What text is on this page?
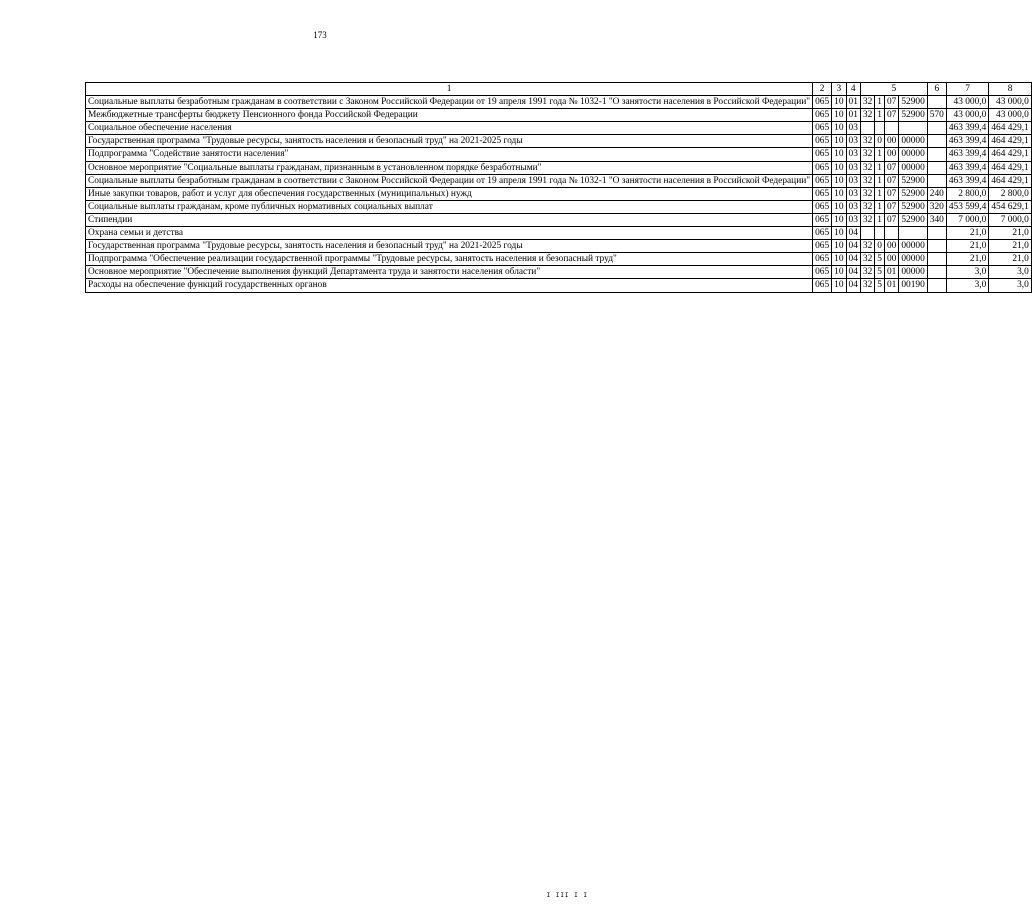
173
1	2	3	4	5				6	7	8
Социальные выплаты безработным гражданам в соответствии с Законом Российской Федерации от 19 апреля 1991 года № 1032-1 "О занятости населения в Российской Федерации"	065	10	01	32	1	07	52900		43 000,0	43 000,0
Межбюджетные трансферты бюджету Пенсионного фонда Российской Федерации	065	10	01	32	1	07	52900	570	43 000,0	43 000,0
Социальное обеспечение населения	065	10	03						463 399,4	464 429,1
Государственная программа "Трудовые ресурсы, занятость населения и безопасный труд" на 2021-2025 годы	065	10	03	32	0	00	00000		463 399,4	464 429,1
Подпрограмма "Содействие занятости населения"	065	10	03	32	1	00	00000		463 399,4	464 429,1
Основное мероприятие "Социальные выплаты гражданам, признанным в установленном порядке безработными"	065	10	03	32	1	07	00000		463 399,4	464 429,1
Социальные выплаты безработным гражданам в соответствии с Законом Российской Федерации от 19 апреля 1991 года № 1032-1 "О занятости населения в Российской Федерации"	065	10	03	32	1	07	52900		463 399,4	464 429,1
Иные закупки товаров, работ и услуг для обеспечения государственных (муниципальных) нужд	065	10	03	32	1	07	52900	240	2 800,0	2 800,0
Социальные выплаты гражданам, кроме публичных нормативных социальных выплат	065	10	03	32	1	07	52900	320	453 599,4	454 629,1
Стипендии	065	10	03	32	1	07	52900	340	7 000,0	7 000,0
Охрана семьи и детства	065	10	04						21,0	21,0
Государственная программа "Трудовые ресурсы, занятость населения и безопасный труд" на 2021-2025 годы	065	10	04	32	0	00	00000		21,0	21,0
Подпрограмма "Обеспечение реализации государственной программы "Трудовые ресурсы, занятость населения и безопасный труд"	065	10	04	32	5	00	00000		21,0	21,0
Основное мероприятие "Обеспечение выполнения функций Департамента труда и занятости населения области"	065	10	04	32	5	01	00000		3,0	3,0
Расходы на обеспечение функций государственных органов	065	10	04	32	5	01	00190		3,0	3,0
I III I I
